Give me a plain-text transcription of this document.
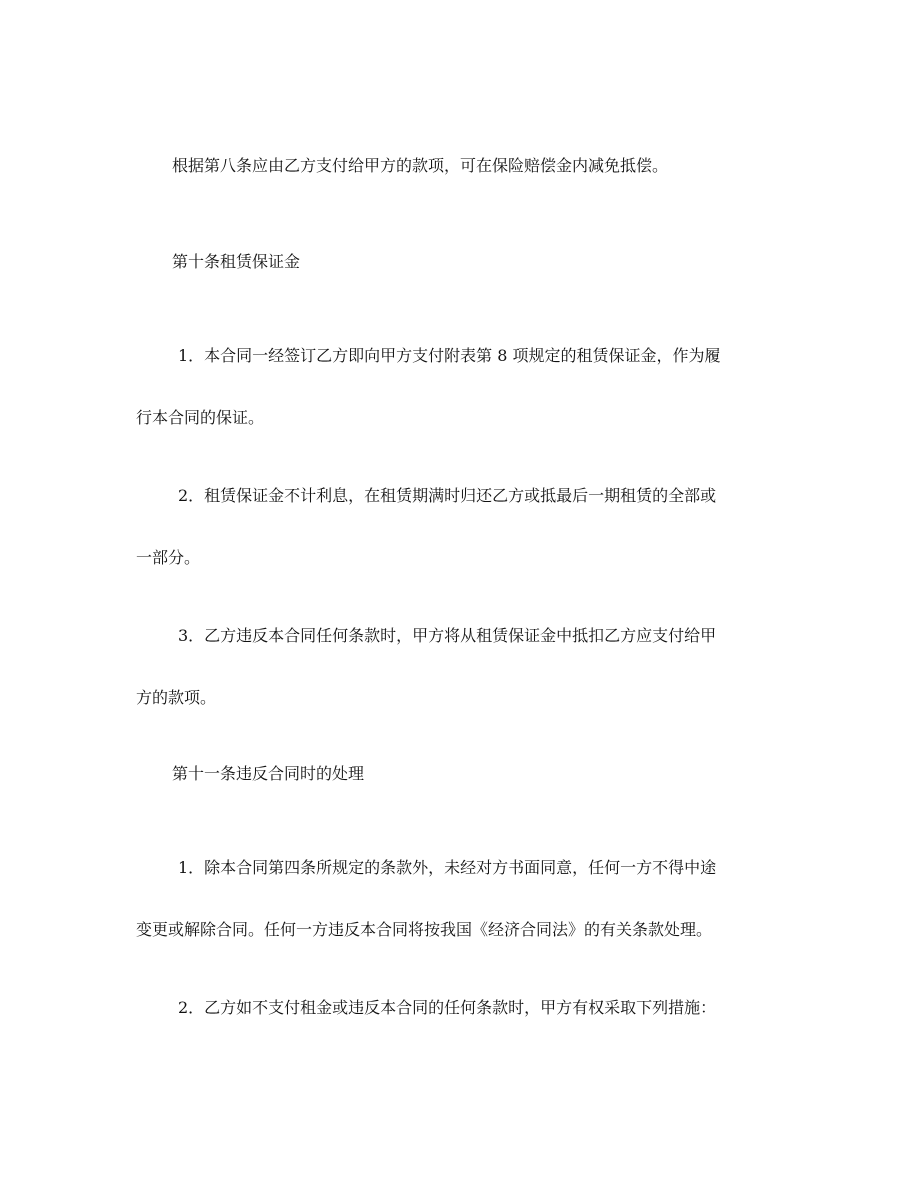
根据第八条应由乙方支付给甲方的款项，可在保险赔偿金内减免抵偿。

第十条租赁保证金

1．本合同一经签订乙方即向甲方支付附表第 8 项规定的租赁保证金，作为履
行本合同的保证。

2．租赁保证金不计利息，在租赁期满时归还乙方或抵最后一期租赁的全部或
一部分。

3．乙方违反本合同任何条款时，甲方将从租赁保证金中抵扣乙方应支付给甲
方的款项。

第十一条违反合同时的处理

1．除本合同第四条所规定的条款外，未经对方书面同意，任何一方不得中途
变更或解除合同。任何一方违反本合同将按我国《经济合同法》的有关条款处理。

2．乙方如不支付租金或违反本合同的任何条款时，甲方有权采取下列措施：
